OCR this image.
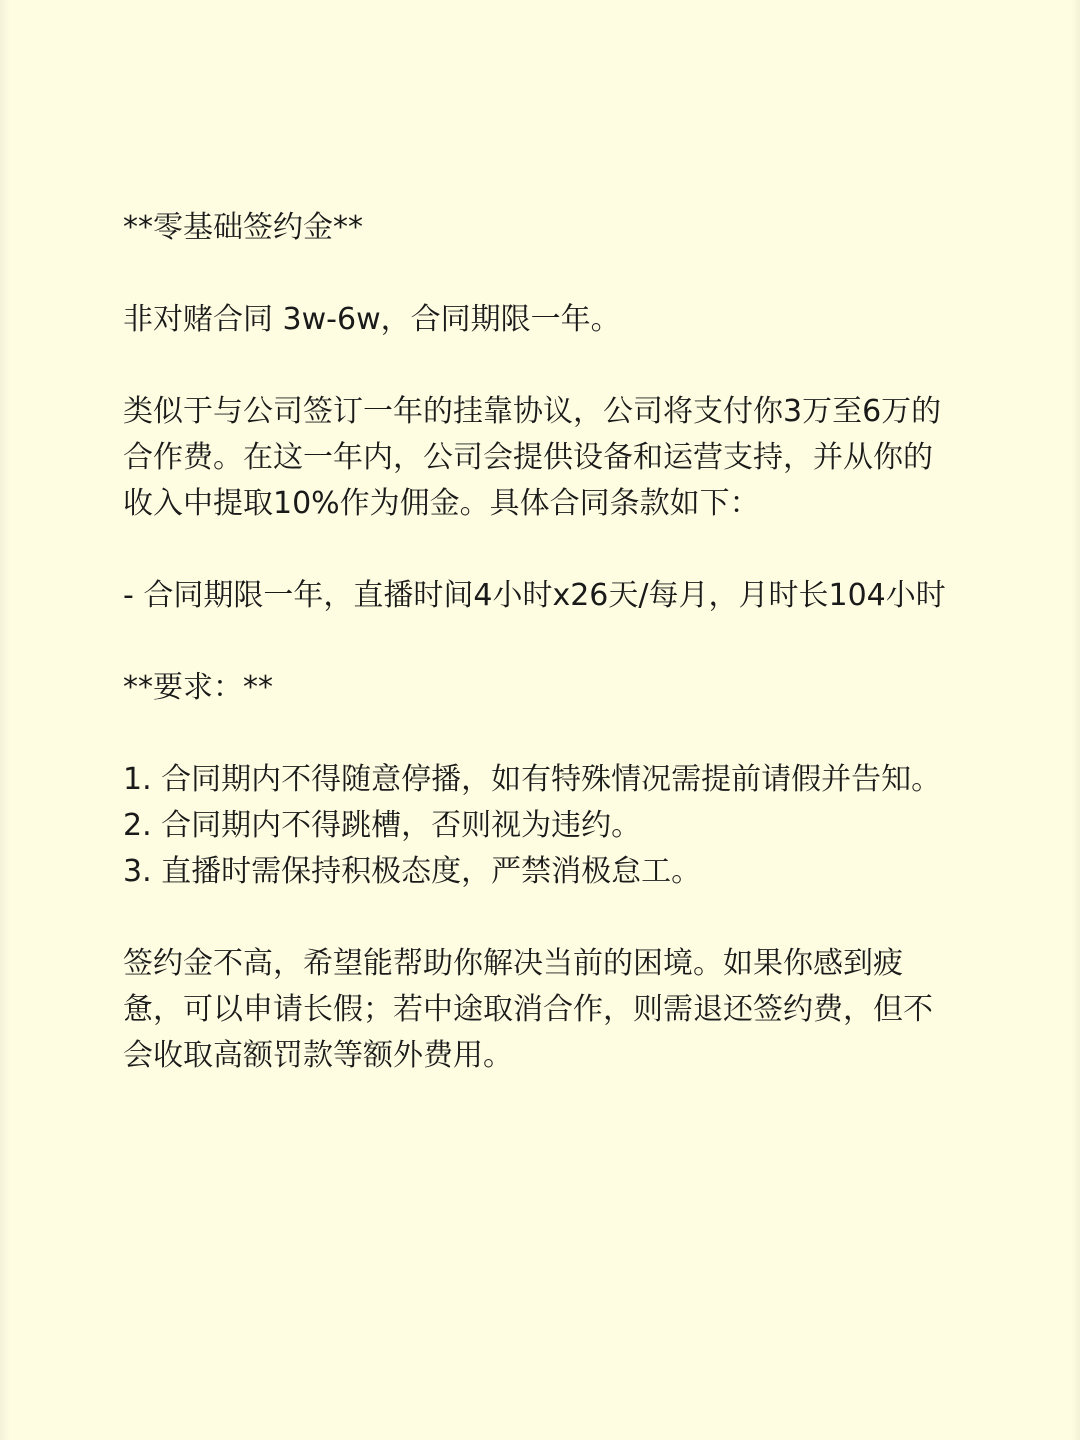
**零基础签约金**

非对赌合同 3w-6w，合同期限一年。

类似于与公司签订一年的挂靠协议，公司将支付你3万至6万的

合作费。在这一年内，公司会提供设备和运营支持，并从你的

收入中提取10%作为佣金。具体合同条款如下：

- 合同期限一年，直播时间4小时x26天/每月，月时长104小时

**要求：**

1. 合同期内不得随意停播，如有特殊情况需提前请假并告知。

2. 合同期内不得跳槽，否则视为违约。

3. 直播时需保持积极态度，严禁消极怠工。

签约金不高，希望能帮助你解决当前的困境。如果你感到疲

惫，可以申请长假；若中途取消合作，则需退还签约费，但不

会收取高额罚款等额外费用。
